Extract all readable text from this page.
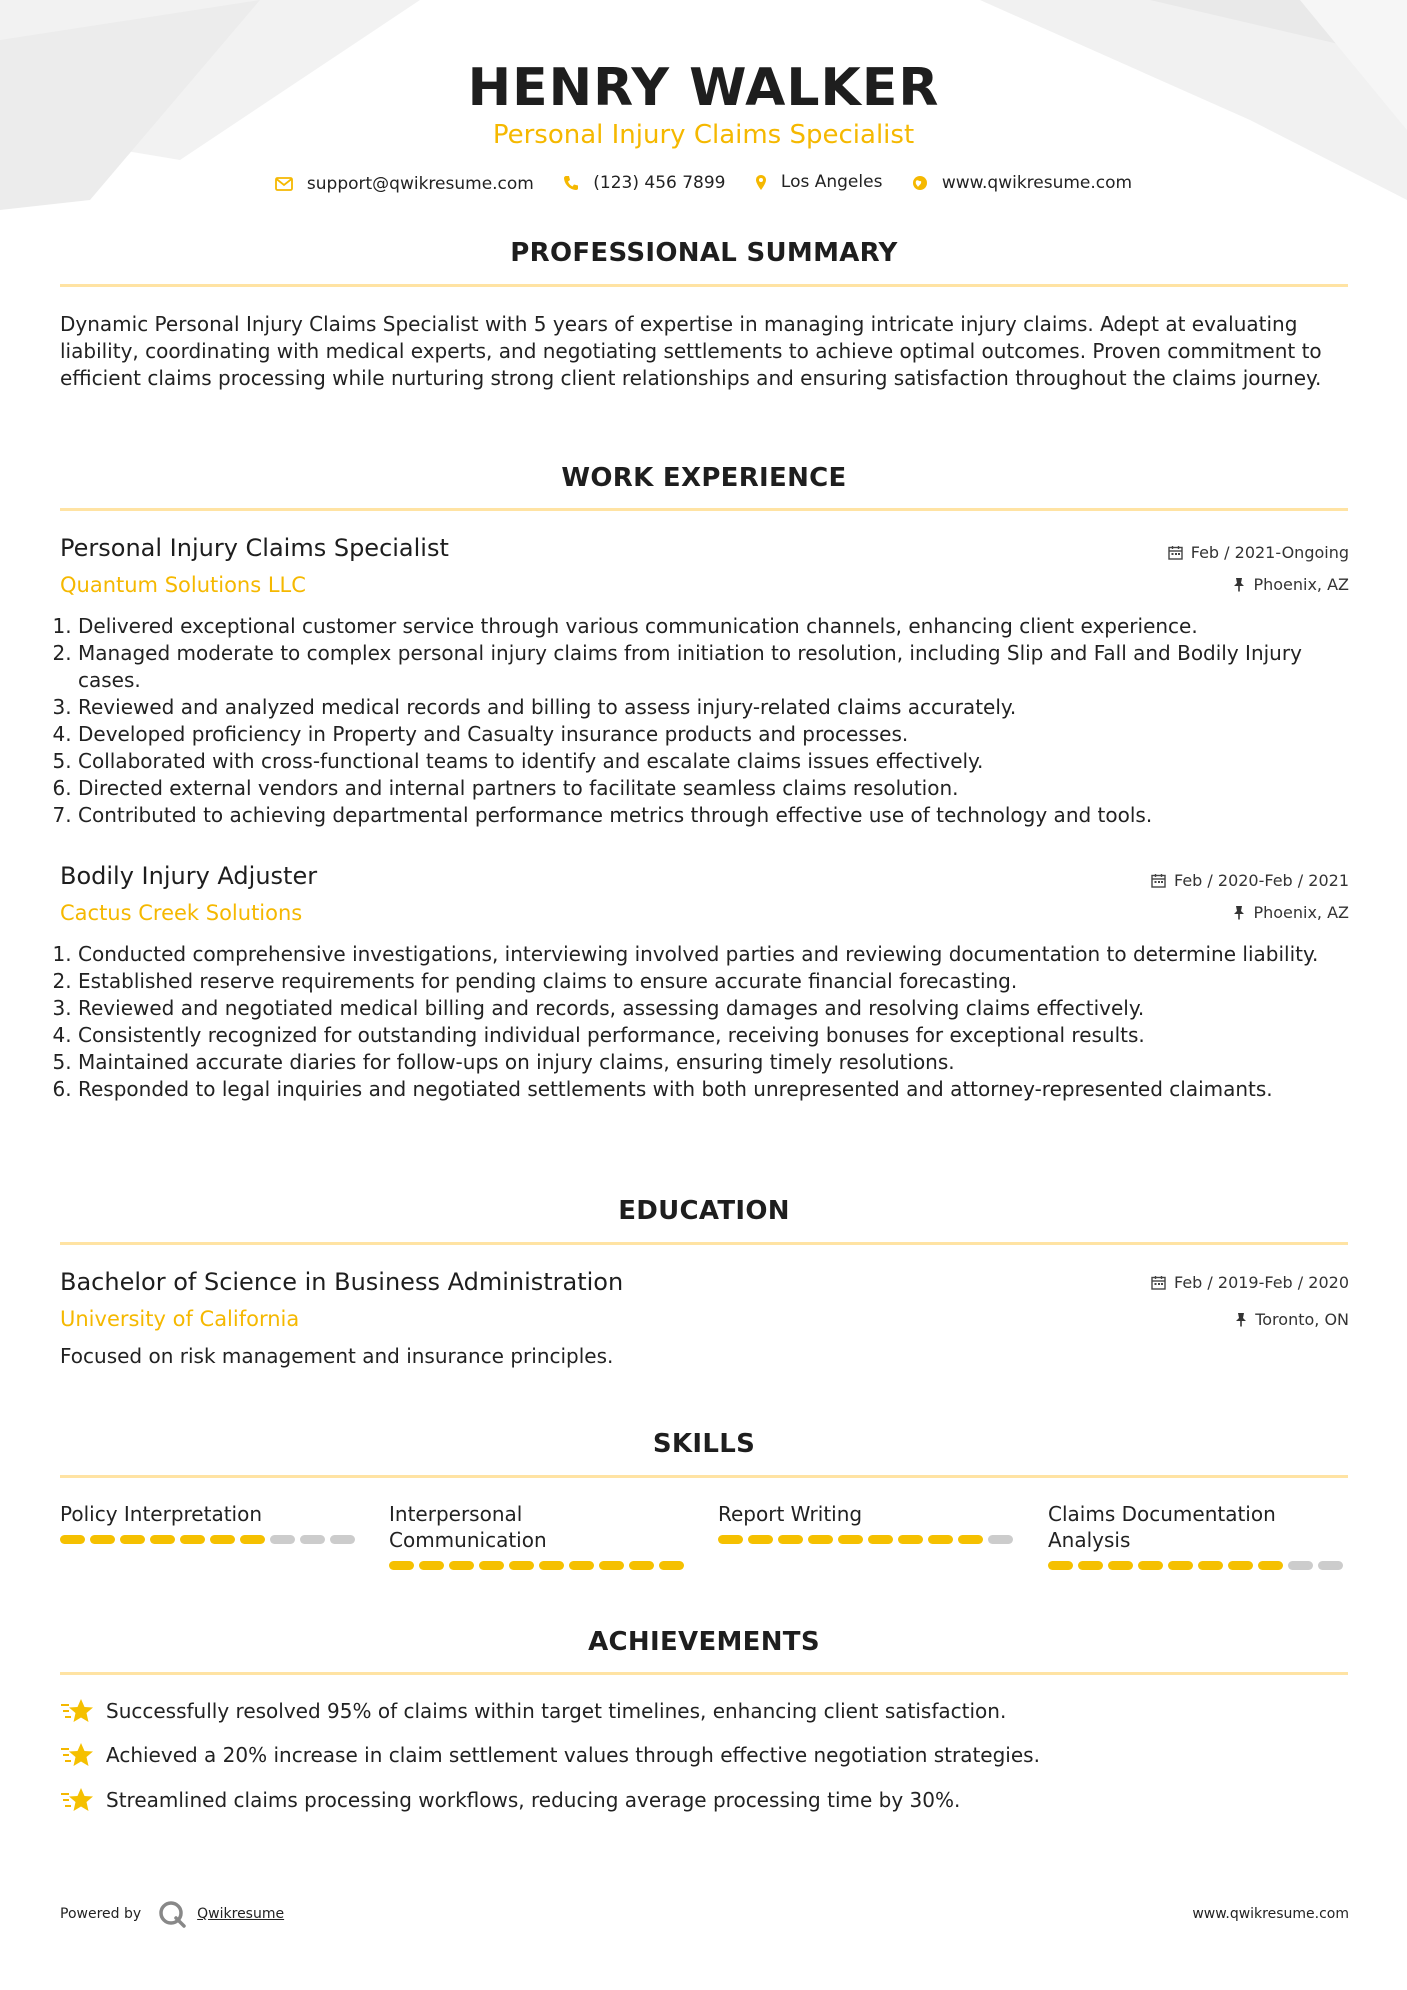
HENRY WALKER
Personal Injury Claims Specialist
support@qwikresume.com
	(123) 456 7899
	Los Angeles
	www.qwikresume.com
PROFESSIONAL SUMMARY
Dynamic Personal Injury Claims Specialist with 5 years of expertise in managing intricate injury claims. Adept at evaluating liability, coordinating with medical experts, and negotiating settlements to achieve optimal outcomes. Proven commitment to efficient claims processing while nurturing strong client relationships and ensuring satisfaction throughout the claims journey.
WORK EXPERIENCE
Personal Injury Claims Specialist
Quantum Solutions LLC
Feb / 2021-Ongoing
Phoenix, AZ
1. Delivered exceptional customer service through various communication channels, enhancing client experience.
2. Managed moderate to complex personal injury claims from initiation to resolution, including Slip and Fall and Bodily Injury cases.
3. Reviewed and analyzed medical records and billing to assess injury-related claims accurately.
4. Developed proficiency in Property and Casualty insurance products and processes.
5. Collaborated with cross-functional teams to identify and escalate claims issues effectively.
6. Directed external vendors and internal partners to facilitate seamless claims resolution.
7. Contributed to achieving departmental performance metrics through effective use of technology and tools.
Bodily Injury Adjuster
Cactus Creek Solutions
Feb / 2020-Feb / 2021
Phoenix, AZ
1. Conducted comprehensive investigations, interviewing involved parties and reviewing documentation to determine liability.
2. Established reserve requirements for pending claims to ensure accurate financial forecasting.
3. Reviewed and negotiated medical billing and records, assessing damages and resolving claims effectively.
4. Consistently recognized for outstanding individual performance, receiving bonuses for exceptional results.
5. Maintained accurate diaries for follow-ups on injury claims, ensuring timely resolutions.
6. Responded to legal inquiries and negotiated settlements with both unrepresented and attorney-represented claimants.
EDUCATION
Bachelor of Science in Business Administration
University of California
Feb / 2019-Feb / 2020
Toronto, ON
Focused on risk management and insurance principles.
SKILLS
Policy Interpretation	Interpersonal Communication
Report Writing	Claims Documentation Analysis
ACHIEVEMENTS
Successfully resolved 95% of claims within target timelines, enhancing client satisfaction.
Achieved a 20% increase in claim settlement values through effective negotiation strategies.
Streamlined claims processing workflows, reducing average processing time by 30%.
Powered by	Qwikresume	www.qwikresume.com
